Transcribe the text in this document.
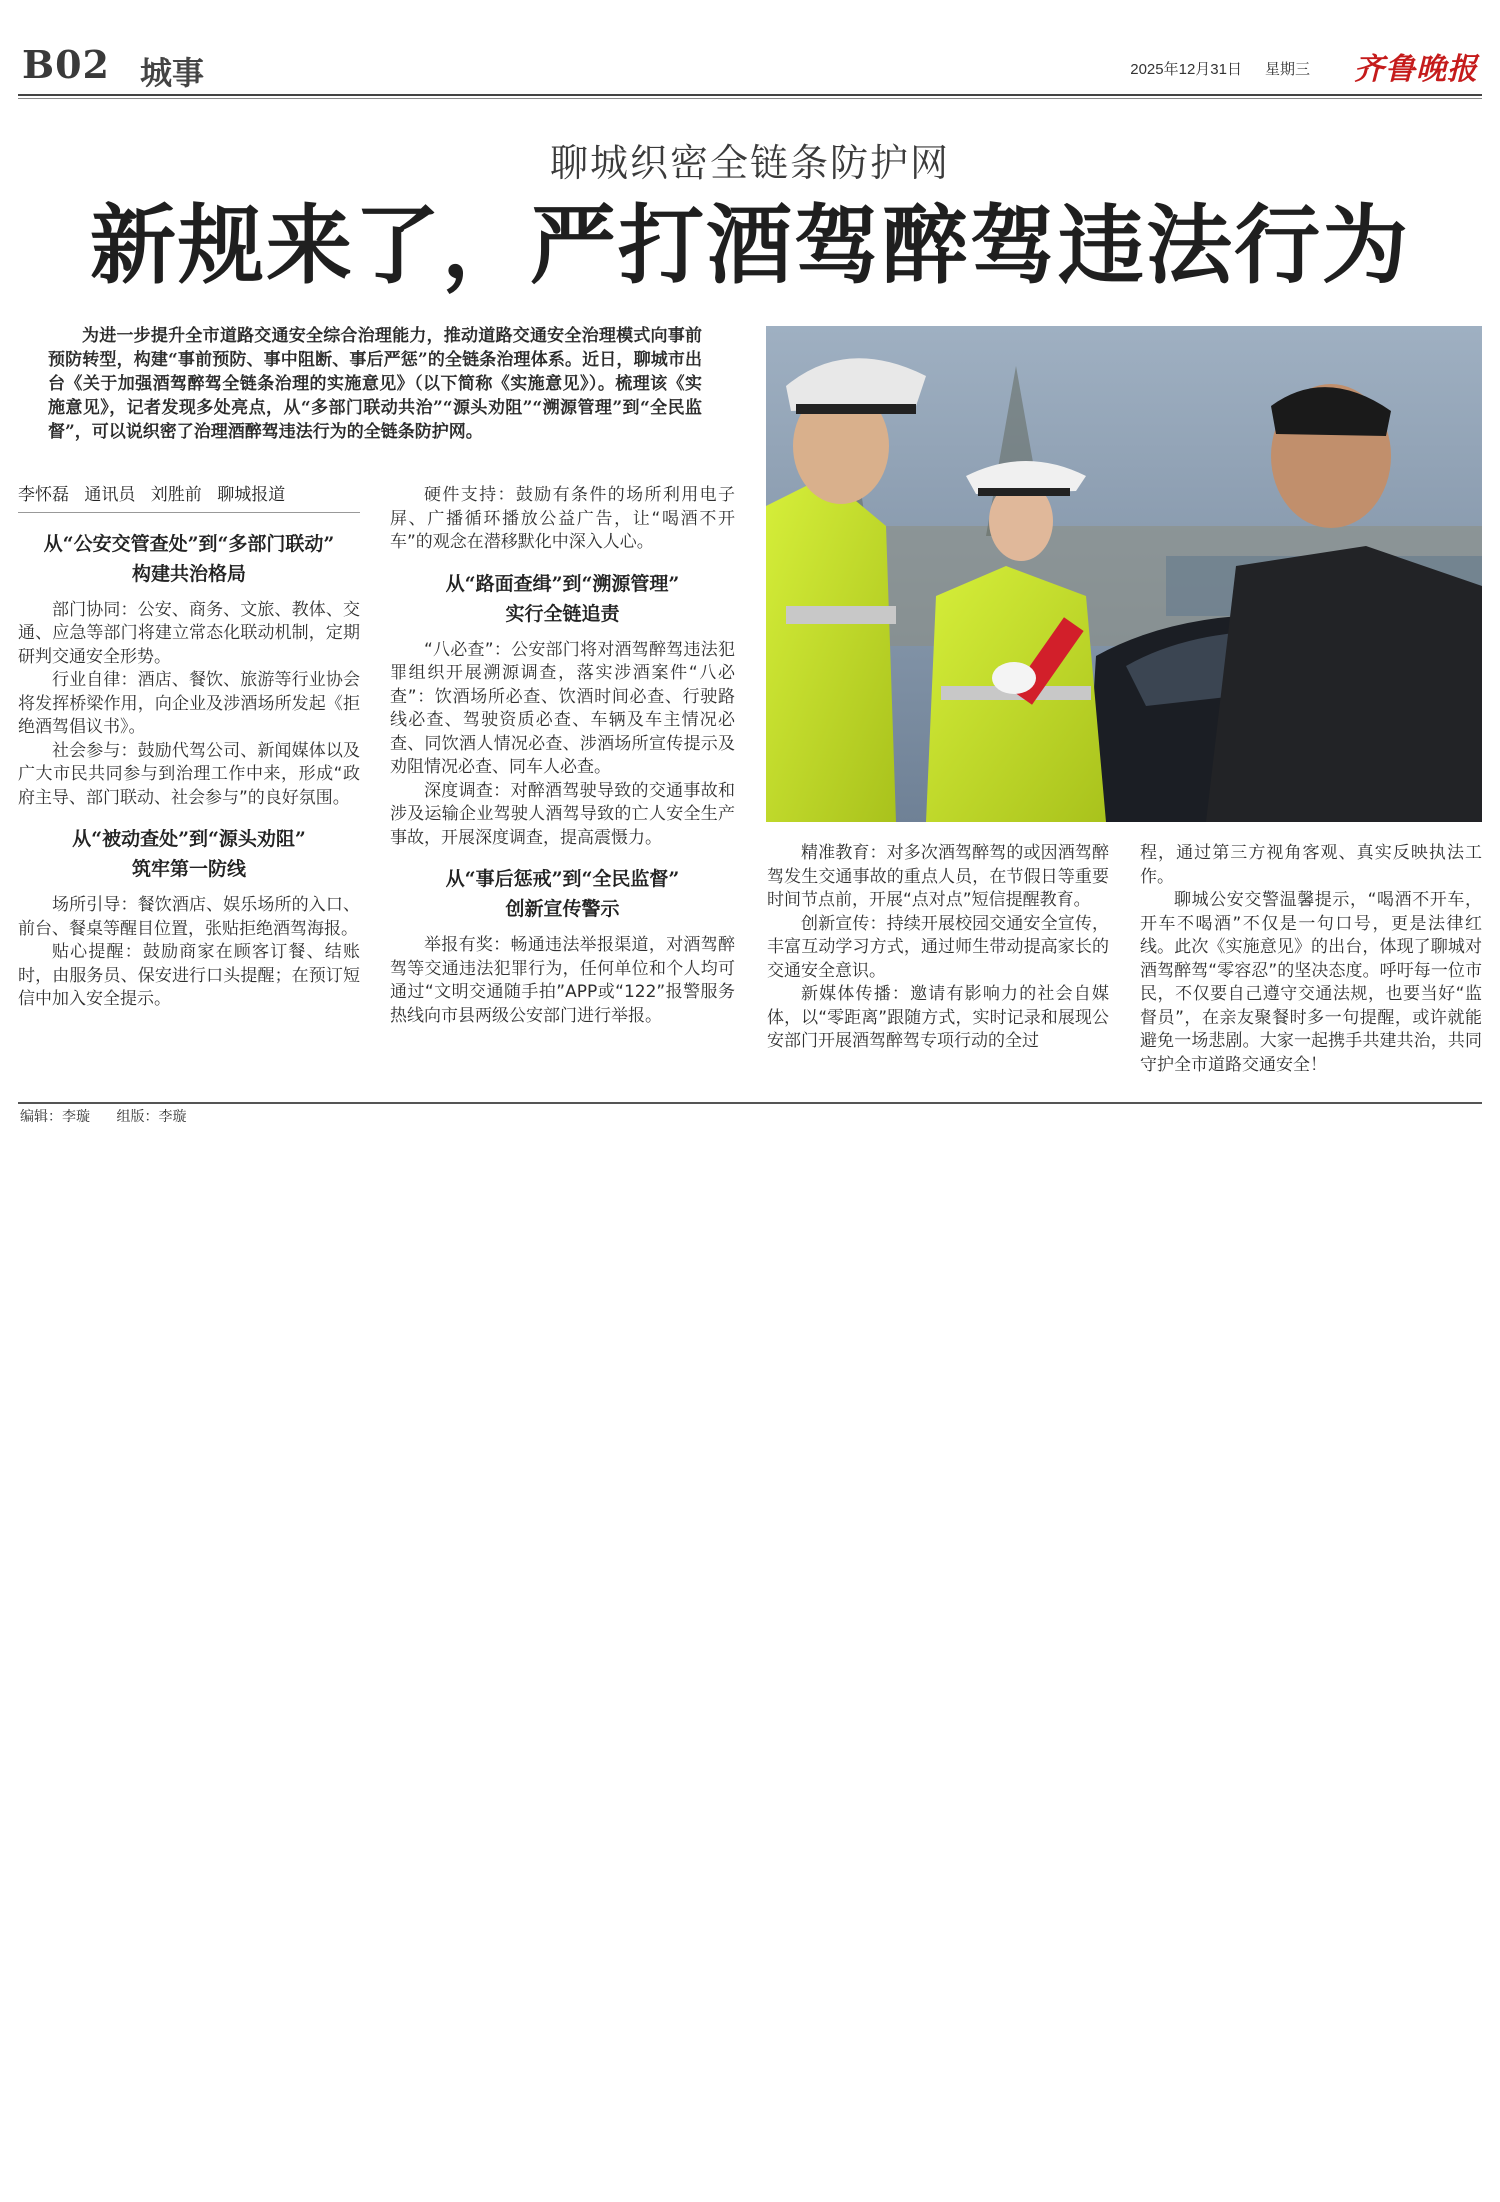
B02 城事	2025年12月31日 星期三 齐鲁晚报
聊城织密全链条防护网
新规来了，严打酒驾醉驾违法行为

为进一步提升全市道路交通安全综合治理能力，推动道路交通安全治理模式向事前预防转型，构建“事前预防、事中阻断、事后严惩”的全链条治理体系。近日，聊城市出台《关于加强酒驾醉驾全链条治理的实施意见》（以下简称《实施意见》）。梳理该《实施意见》，记者发现多处亮点，从“多部门联动共治”“源头劝阻”“溯源管理”到“全民监督”，可以说织密了治理酒醉驾违法行为的全链条防护网。

李怀磊 通讯员 刘胜前 聊城报道

从“公安交管查处”到“多部门联动”
构建共治格局

部门协同：公安、商务、文旅、教体、交通、应急等部门将建立常态化联动机制，定期研判交通安全形势。

行业自律：酒店、餐饮、旅游等行业协会将发挥桥梁作用，向企业及涉酒场所发起《拒绝酒驾倡议书》。

社会参与：鼓励代驾公司、新闻媒体以及广大市民共同参与到治理工作中来，形成“政府主导、部门联动、社会参与”的良好氛围。

从“被动查处”到“源头劝阻”
筑牢第一防线

场所引导：餐饮酒店、娱乐场所的入口、前台、餐桌等醒目位置，张贴拒绝酒驾海报。

贴心提醒：鼓励商家在顾客订餐、结账时，由服务员、保安进行口头提醒；在预订短信中加入安全提示。

硬件支持：鼓励有条件的场所利用电子屏、广播循环播放公益广告，让“喝酒不开车”的观念在潜移默化中深入人心。

从“路面查缉”到“溯源管理”
实行全链追责

“八必查”：公安部门将对酒驾醉驾违法犯罪组织开展溯源调查，落实涉酒案件“八必查”：饮酒场所必查、饮酒时间必查、行驶路线必查、驾驶资质必查、车辆及车主情况必查、同饮酒人情况必查、涉酒场所宣传提示及劝阻情况必查、同车人必查。

深度调查：对醉酒驾驶导致的交通事故和涉及运输企业驾驶人酒驾导致的亡人安全生产事故，开展深度调查，提高震慑力。

从“事后惩戒”到“全民监督”
创新宣传警示

举报有奖：畅通违法举报渠道，对酒驾醉驾等交通违法犯罪行为，任何单位和个人均可通过“文明交通随手拍”APP或“122”报警服务热线向市县两级公安部门进行举报。

精准教育：对多次酒驾醉驾的或因酒驾醉驾发生交通事故的重点人员，在节假日等重要时间节点前，开展“点对点”短信提醒教育。

创新宣传：持续开展校园交通安全宣传，丰富互动学习方式，通过师生带动提高家长的交通安全意识。

新媒体传播：邀请有影响力的社会自媒体，以“零距离”跟随方式，实时记录和展现公安部门开展酒驾醉驾专项行动的全过

程，通过第三方视角客观、真实反映执法工作。

聊城公安交警温馨提示，“喝酒不开车，开车不喝酒”不仅是一句口号，更是法律红线。此次《实施意见》的出台，体现了聊城对酒驾醉驾“零容忍”的坚决态度。呼吁每一位市民，不仅要自己遵守交通法规，也要当好“监督员”，在亲友聚餐时多一句提醒，或许就能避免一场悲剧。大家一起携手共建共治，共同守护全市道路交通安全！

编辑：李璇 组版：李璇
